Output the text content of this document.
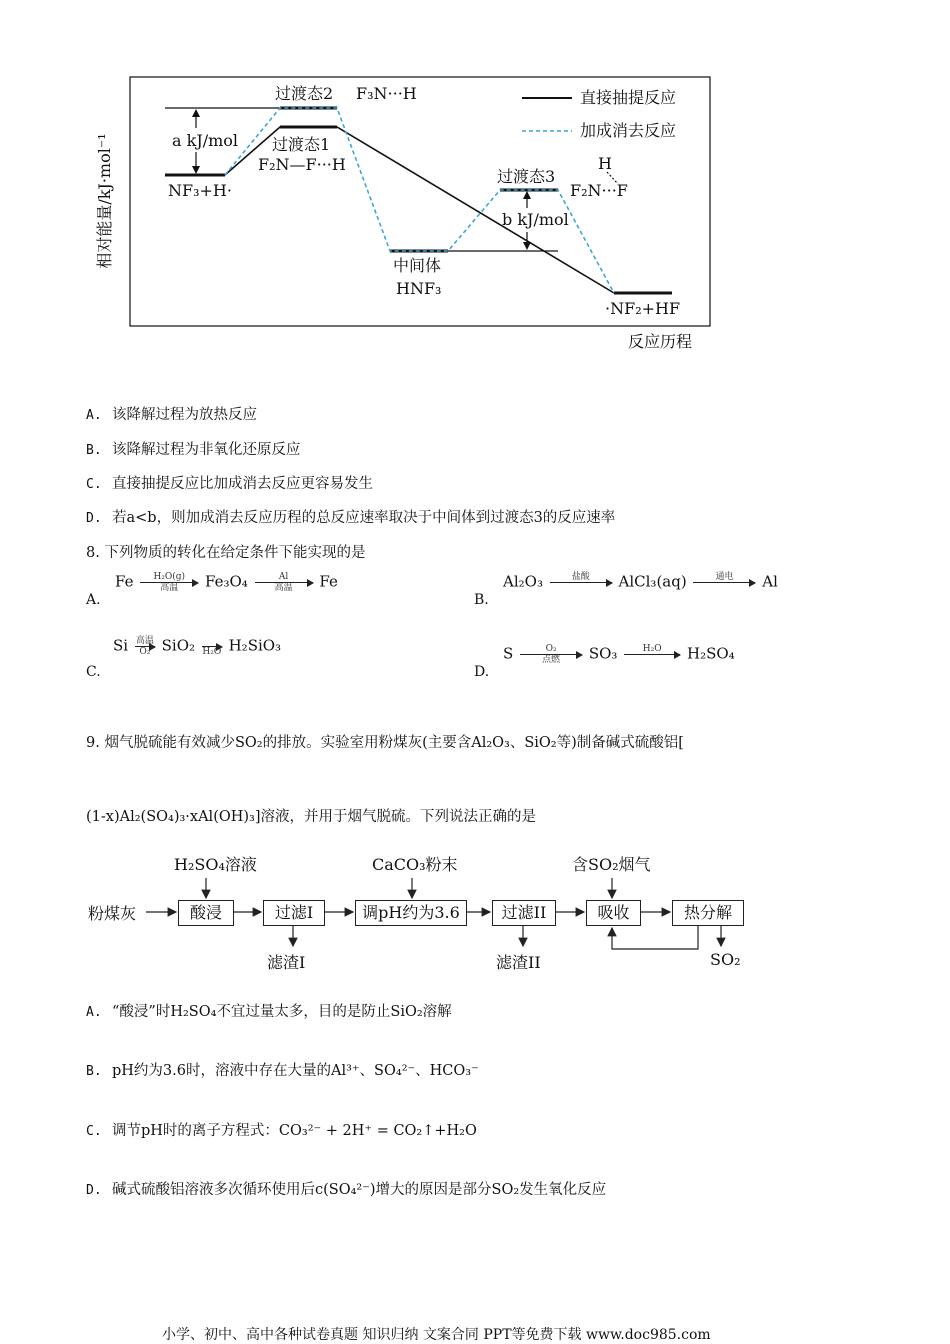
相对能量/kJ·mol⁻¹
反应历程
直接抽提反应
加成消去反应
过渡态2 F₃N···H
过渡态1
F₂N—F···H
a kJ/mol
NF₃+H·
过渡态3
H
F₂N···F
b kJ/mol
中间体
HNF₃
·NF₂+HF
A. 该降解过程为放热反应
B. 该降解过程为非氧化还原反应
C. 直接抽提反应比加成消去反应更容易发生
D. 若a<b，则加成消去反应历程的总反应速率取决于中间体到过渡态3的反应速率
8. 下列物质的转化在给定条件下能实现的是
A.
Fe	H₂O(g)
高温	Fe₃O₄	Al
高温	Fe
B.
Al₂O₃	盐酸
	AlCl₃(aq)	通电
	Al
C.
Si 高温
O₂ SiO₂
H₂O H₂SiO₃
D.
S	O₂
点燃	SO₃	H₂O
	H₂SO₄
9. 烟气脱硫能有效减少SO₂的排放。实验室用粉煤灰(主要含Al₂O₃、SiO₂等)制备碱式硫酸铝[
(1-x)Al₂(SO₄)₃·xAl(OH)₃]溶液，并用于烟气脱硫。下列说法正确的是
粉煤灰	酸浸	过滤I	调pH约为3.6	过滤II	吸收	热分解
H₂SO₄溶液	CaCO₃粉末	含SO₂烟气
滤渣I	滤渣II	SO₂
A. “酸浸”时H₂SO₄不宜过量太多，目的是防止SiO₂溶解
B. pH约为3.6时，溶液中存在大量的Al³⁺、SO₄²⁻、HCO₃⁻
C. 调节pH时的离子方程式：CO₃²⁻ + 2H⁺ = CO₂↑+H₂O
D. 碱式硫酸铝溶液多次循环使用后c(SO₄²⁻)增大的原因是部分SO₂发生氧化反应
小学、初中、高中各种试卷真题 知识归纳 文案合同 PPT等免费下载 www.doc985.com
